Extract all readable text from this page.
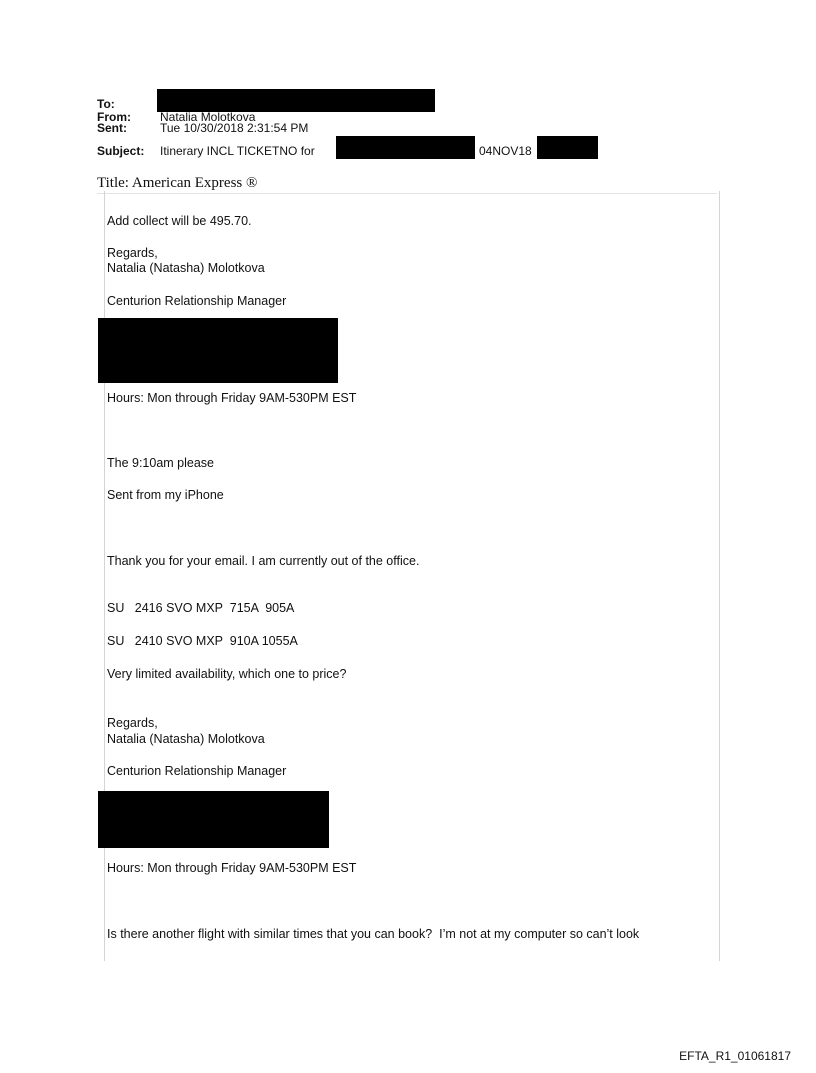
To:
From: Natalia Molotkova
Sent:	Tue 10/30/2018 2:31:54 PM
Subject: Itinerary INCL TICKETNO for	04NOV18
Title: American Express ®
Add collect will be 495.70.
Regards,
Natalia (Natasha) Molotkova
Centurion Relationship Manager
Hours: Mon through Friday 9AM-530PM EST
The 9:10am please
Sent from my iPhone
Thank you for your email. I am currently out of the office.
SU   2416 SVO MXP  715A  905A
SU   2410 SVO MXP  910A 1055A
Very limited availability, which one to price?
Regards,
Natalia (Natasha) Molotkova
Centurion Relationship Manager
Hours: Mon through Friday 9AM-530PM EST
Is there another flight with similar times that you can book?  I’m not at my computer so can’t look
EFTA_R1_01061817
